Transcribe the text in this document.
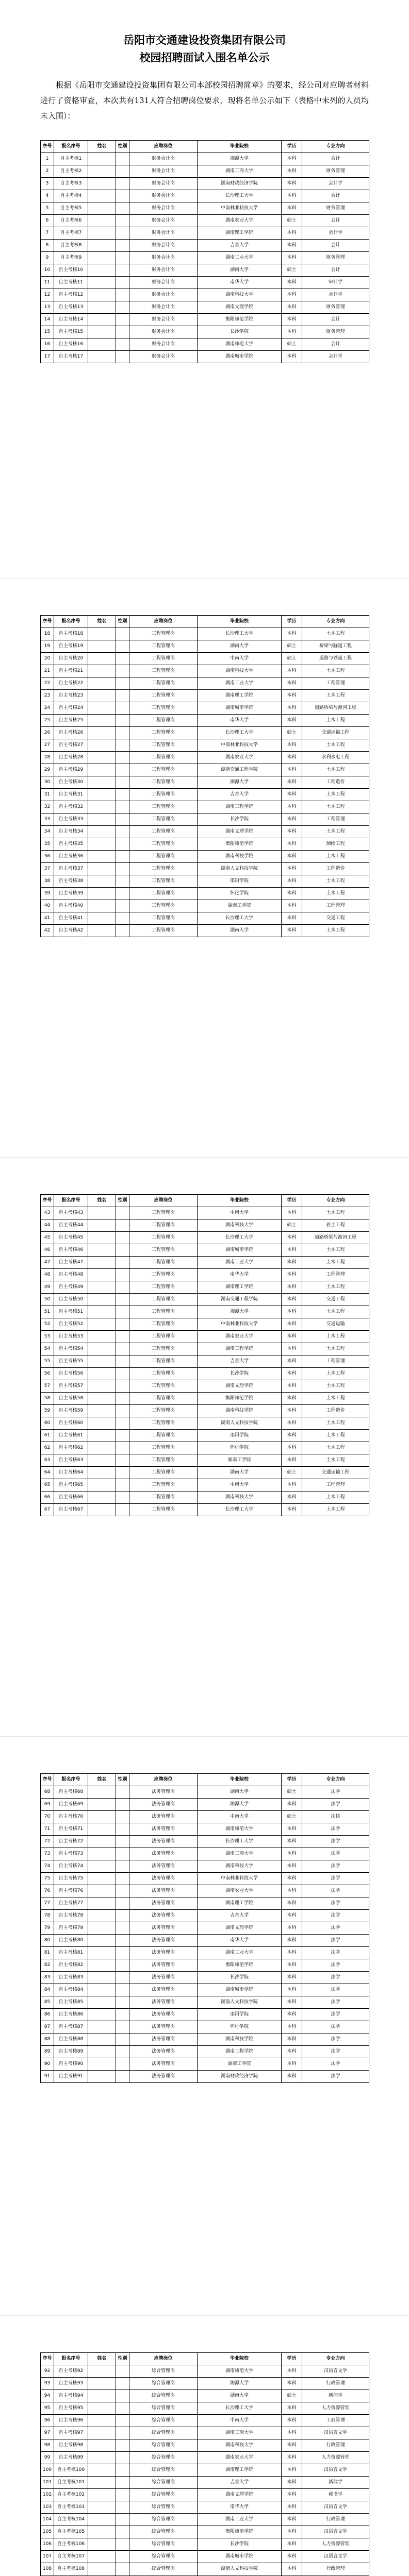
岳阳市交通建设投资集团有限公司
校园招聘面试入围名单公示

根据《岳阳市交通建设投资集团有限公司本部校园招聘简章》的要求，经公司对应聘者材料进行了资格审查，本次共有131人符合招聘岗位要求，现将名单公示如下（表格中未列的人员均未入围）：

序号	报名序号	姓名	性别	应聘岗位	毕业院校	学历	专业方向
1	自主考核1			财务会计岗	湘潭大学	本科	会计
2	自主考核2			财务会计岗	湖南工商大学	本科	财务管理
3	自主考核3			财务会计岗	湖南财政经济学院	本科	会计学
4	自主考核4			财务会计岗	长沙理工大学	本科	会计
5	自主考核5			财务会计岗	中南林业科技大学	本科	财务管理
6	自主考核6			财务会计岗	湖南农业大学	硕士	会计
7	自主考核7			财务会计岗	湖南理工学院	本科	会计学
8	自主考核8			财务会计岗	吉首大学	本科	会计
9	自主考核9			财务会计岗	湖南工业大学	本科	财务管理
10	自主考核10			财务会计岗	湖南大学	硕士	会计
11	自主考核11			财务会计岗	南华大学	本科	审计学
12	自主考核12			财务会计岗	湖南科技大学	本科	会计学
13	自主考核13			财务会计岗	湖南文理学院	本科	财务管理
14	自主考核14			财务会计岗	衡阳师范学院	本科	会计
15	自主考核15			财务会计岗	长沙学院	本科	财务管理
16	自主考核16			财务会计岗	湖南师范大学	硕士	会计
17	自主考核17			财务会计岗	湖南城市学院	本科	会计学
序号	报名序号	姓名	性别	应聘岗位	毕业院校	学历	专业方向
18	自主考核18			工程管理岗	长沙理工大学	本科	土木工程
19	自主考核19			工程管理岗	湖南大学	硕士	桥梁与隧道工程
20	自主考核20			工程管理岗	中南大学	硕士	道路与铁道工程
21	自主考核21			工程管理岗	湖南科技大学	本科	土木工程
22	自主考核22			工程管理岗	湖南工业大学	本科	工程管理
23	自主考核23			工程管理岗	湖南理工学院	本科	土木工程
24	自主考核24			工程管理岗	湖南城市学院	本科	道路桥梁与渡河工程
25	自主考核25			工程管理岗	南华大学	本科	土木工程
26	自主考核26			工程管理岗	长沙理工大学	硕士	交通运输工程
27	自主考核27			工程管理岗	中南林业科技大学	本科	土木工程
28	自主考核28			工程管理岗	湖南农业大学	本科	水利水电工程
29	自主考核29			工程管理岗	湖南交通工程学院	本科	土木工程
30	自主考核30			工程管理岗	湘潭大学	本科	工程造价
31	自主考核31			工程管理岗	吉首大学	本科	土木工程
32	自主考核32			工程管理岗	湖南工程学院	本科	土木工程
33	自主考核33			工程管理岗	长沙学院	本科	工程管理
34	自主考核34			工程管理岗	湖南文理学院	本科	土木工程
35	自主考核35			工程管理岗	衡阳师范学院	本科	测绘工程
36	自主考核36			工程管理岗	湖南科技学院	本科	土木工程
37	自主考核37			工程管理岗	湖南人文科技学院	本科	工程造价
38	自主考核38			工程管理岗	邵阳学院	本科	土木工程
39	自主考核39			工程管理岗	怀化学院	本科	土木工程
40	自主考核40			工程管理岗	湖南工学院	本科	工程管理
41	自主考核41			工程管理岗	长沙理工大学	本科	交通工程
42	自主考核42			工程管理岗	湖南大学	本科	土木工程
序号	报名序号	姓名	性别	应聘岗位	毕业院校	学历	专业方向
43	自主考核43			工程管理岗	中南大学	本科	土木工程
44	自主考核44			工程管理岗	湖南科技大学	硕士	岩土工程
45	自主考核45			工程管理岗	长沙理工大学	本科	道路桥梁与渡河工程
46	自主考核46			工程管理岗	湖南城市学院	本科	土木工程
47	自主考核47			工程管理岗	湖南工业大学	本科	土木工程
48	自主考核48			工程管理岗	南华大学	本科	工程管理
49	自主考核49			工程管理岗	湖南理工学院	本科	土木工程
50	自主考核50			工程管理岗	湖南交通工程学院	本科	交通工程
51	自主考核51			工程管理岗	湘潭大学	本科	土木工程
52	自主考核52			工程管理岗	中南林业科技大学	本科	交通运输
53	自主考核53			工程管理岗	湖南农业大学	本科	土木工程
54	自主考核54			工程管理岗	湖南工程学院	本科	土木工程
55	自主考核55			工程管理岗	吉首大学	本科	工程管理
56	自主考核56			工程管理岗	长沙学院	本科	土木工程
57	自主考核57			工程管理岗	湖南文理学院	本科	土木工程
58	自主考核58			工程管理岗	衡阳师范学院	本科	土木工程
59	自主考核59			工程管理岗	湖南科技学院	本科	工程造价
60	自主考核60			工程管理岗	湖南人文科技学院	本科	土木工程
61	自主考核61			工程管理岗	邵阳学院	本科	土木工程
62	自主考核62			工程管理岗	怀化学院	本科	土木工程
63	自主考核63			工程管理岗	湖南工学院	本科	土木工程
64	自主考核64			工程管理岗	湖南大学	硕士	交通运输工程
65	自主考核65			工程管理岗	中南大学	本科	工程管理
66	自主考核66			工程管理岗	湖南科技大学	本科	土木工程
67	自主考核67			工程管理岗	长沙理工大学	本科	土木工程
序号	报名序号	姓名	性别	应聘岗位	毕业院校	学历	专业方向
68	自主考核68			法务管理岗	湖南大学	硕士	法学
69	自主考核69			法务管理岗	湘潭大学	本科	法学
70	自主考核70			法务管理岗	中南大学	硕士	法律
71	自主考核71			法务管理岗	湖南师范大学	本科	法学
72	自主考核72			法务管理岗	长沙理工大学	本科	法学
73	自主考核73			法务管理岗	湖南工商大学	本科	法学
74	自主考核74			法务管理岗	湖南科技大学	本科	法学
75	自主考核75			法务管理岗	中南林业科技大学	本科	法学
76	自主考核76			法务管理岗	湖南农业大学	本科	法学
77	自主考核77			法务管理岗	湖南理工学院	本科	法学
78	自主考核78			法务管理岗	吉首大学	本科	法学
79	自主考核79			法务管理岗	湖南文理学院	本科	法学
80	自主考核80			法务管理岗	南华大学	本科	法学
81	自主考核81			法务管理岗	湖南工业大学	本科	法学
82	自主考核82			法务管理岗	衡阳师范学院	本科	法学
83	自主考核83			法务管理岗	长沙学院	本科	法学
84	自主考核84			法务管理岗	湖南城市学院	本科	法学
85	自主考核85			法务管理岗	湖南人文科技学院	本科	法学
86	自主考核86			法务管理岗	邵阳学院	本科	法学
87	自主考核87			法务管理岗	怀化学院	本科	法学
88	自主考核88			法务管理岗	湖南科技学院	本科	法学
89	自主考核89			法务管理岗	湖南工程学院	本科	法学
90	自主考核90			法务管理岗	湖南工学院	本科	法学
91	自主考核91			法务管理岗	湖南财政经济学院	本科	法学
序号	报名序号	姓名	性别	应聘岗位	毕业院校	学历	专业方向
92	自主考核92			综合管理岗	湖南师范大学	本科	汉语言文学
93	自主考核93			综合管理岗	湘潭大学	本科	行政管理
94	自主考核94			综合管理岗	湖南大学	硕士	新闻学
95	自主考核95			综合管理岗	长沙理工大学	本科	人力资源管理
96	自主考核96			综合管理岗	中南大学	本科	工商管理
97	自主考核97			综合管理岗	湖南工商大学	本科	汉语言文学
98	自主考核98			综合管理岗	湖南科技大学	本科	行政管理
99	自主考核99			综合管理岗	湖南农业大学	本科	人力资源管理
100	自主考核100			综合管理岗	湖南理工学院	本科	汉语言文学
101	自主考核101			综合管理岗	吉首大学	本科	新闻学
102	自主考核102			综合管理岗	湖南文理学院	本科	秘书学
103	自主考核103			综合管理岗	南华大学	本科	汉语言文学
104	自主考核104			综合管理岗	湖南工业大学	本科	行政管理
105	自主考核105			综合管理岗	衡阳师范学院	本科	汉语言文学
106	自主考核106			综合管理岗	长沙学院	本科	人力资源管理
107	自主考核107			综合管理岗	湖南城市学院	本科	汉语言文学
108	自主考核108			综合管理岗	湖南人文科技学院	本科	行政管理
